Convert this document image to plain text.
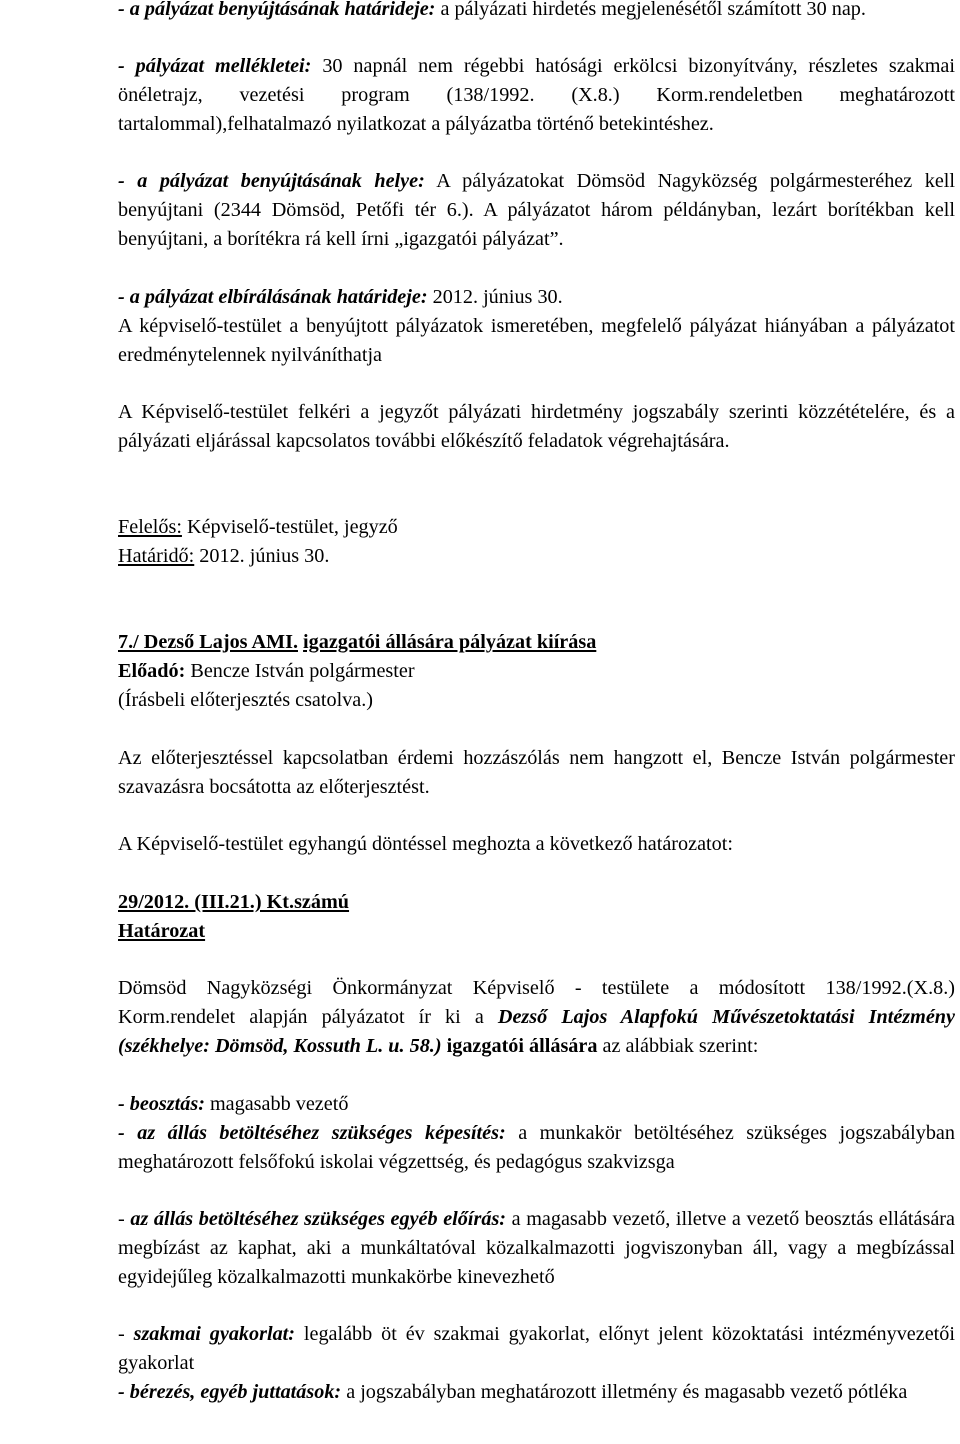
- a pályázat benyújtásának határideje: a pályázati hirdetés megjelenésétől számított 30 nap.

- pályázat mellékletei: 30 napnál nem régebbi hatósági erkölcsi bizonyítvány, részletes szakmai önéletrajz, vezetési program (138/1992. (X.8.) Korm.rendeletben meghatározott tartalommal),felhatalmazó nyilatkozat a pályázatba történő betekintéshez.

- a pályázat benyújtásának helye: A pályázatokat Dömsöd Nagyközség polgármesteréhez kell benyújtani (2344 Dömsöd, Petőfi tér 6.). A pályázatot három példányban, lezárt borítékban kell benyújtani, a borítékra rá kell írni „igazgatói pályázat”.

- a pályázat elbírálásának határideje: 2012. június 30.

A képviselő-testület a benyújtott pályázatok ismeretében, megfelelő pályázat hiányában a pályázatot eredménytelennek nyilváníthatja

A Képviselő-testület felkéri a jegyzőt pályázati hirdetmény jogszabály szerinti közzétételére, és a pályázati eljárással kapcsolatos további előkészítő feladatok végrehajtására.

Felelős: Képviselő-testület, jegyző

Határidő: 2012. június 30.

7./ Dezső Lajos AMI. igazgatói állására pályázat kiírása

Előadó: Bencze István polgármester

(Írásbeli előterjesztés csatolva.)

Az előterjesztéssel kapcsolatban érdemi hozzászólás nem hangzott el, Bencze István polgármester szavazásra bocsátotta az előterjesztést.

A Képviselő-testület egyhangú döntéssel meghozta a következő határozatot:

29/2012. (III.21.) Kt.számú

Határozat

Dömsöd Nagyközségi Önkormányzat Képviselő - testülete a módosított 138/1992.(X.8.) Korm.rendelet alapján pályázatot ír ki a Dezső Lajos Alapfokú Művészetoktatási Intézmény (székhelye: Dömsöd, Kossuth L. u. 58.) igazgatói állására az alábbiak szerint:

- beosztás: magasabb vezető

- az állás betöltéséhez szükséges képesítés: a munkakör betöltéséhez szükséges jogszabályban meghatározott felsőfokú iskolai végzettség, és pedagógus szakvizsga

- az állás betöltéséhez szükséges egyéb előírás: a magasabb vezető, illetve a vezető beosztás ellátására megbízást az kaphat, aki a munkáltatóval közalkalmazotti jogviszonyban áll, vagy a megbízással egyidejűleg közalkalmazotti munkakörbe kinevezhető

- szakmai gyakorlat: legalább öt év szakmai gyakorlat, előnyt jelent közoktatási intézményvezetői gyakorlat

- bérezés, egyéb juttatások: a jogszabályban meghatározott illetmény és magasabb vezető pótléka
